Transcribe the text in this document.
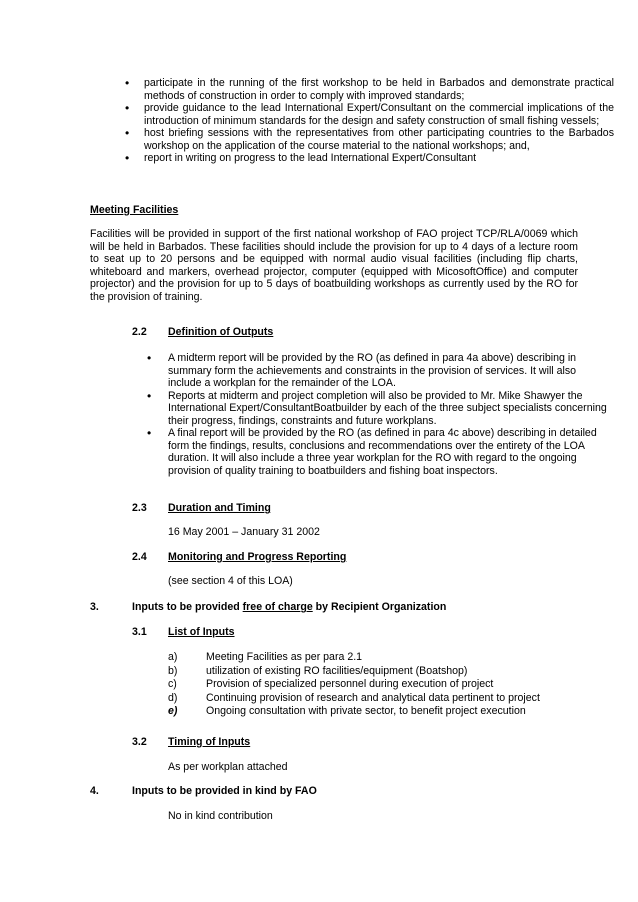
• participate in the running of the first workshop to be held in Barbados and demonstrate practical methods of construction in order to comply with improved standards;
• provide guidance to the lead International Expert/Consultant on the commercial implications of the introduction of minimum standards for the design and safety construction of small fishing vessels;
• host briefing sessions with the representatives from other participating countries to the Barbados workshop on the application of the course material to the national workshops; and,
• report in writing on progress to the lead International Expert/Consultant
Meeting Facilities
Facilities will be provided in support of the first national workshop of FAO project TCP/RLA/0069 which will be held in Barbados. These facilities should include the provision for up to 4 days of a lecture room to seat up to 20 persons and be equipped with normal audio visual facilities (including flip charts, whiteboard and markers, overhead projector, computer (equipped with MicosoftOffice) and computer projector) and the provision for up to 5 days of boatbuilding workshops as currently used by the RO for the provision of training.
2.2 Definition of Outputs
• A midterm report will be provided by the RO (as defined in para 4a above) describing in summary form the achievements and constraints in the provision of services. It will also include a workplan for the remainder of the LOA.
• Reports at midterm and project completion will also be provided to Mr. Mike Shawyer the International Expert/ConsultantBoatbuilder by each of the three subject specialists concerning their progress, findings, constraints and future workplans.
• A final report will be provided by the RO (as defined in para 4c above) describing in detailed form the findings, results, conclusions and recommendations over the entirety of the LOA duration. It will also include a three year workplan for the RO with regard to the ongoing provision of quality training to boatbuilders and fishing boat inspectors.
2.3 Duration and Timing
16 May 2001 – January 31 2002
2.4 Monitoring and Progress Reporting
(see section 4 of this LOA)
3.	Inputs to be provided free of charge by Recipient Organization
3.1 List of Inputs
a)	Meeting Facilities as per para 2.1
b)	utilization of existing RO facilities/equipment (Boatshop)
c)	Provision of specialized personnel during execution of project
d)	Continuing provision of research and analytical data pertinent to project
e)	Ongoing consultation with private sector, to benefit project execution
3.2 Timing of Inputs
As per workplan attached
4.	Inputs to be provided in kind by FAO
No in kind contribution
